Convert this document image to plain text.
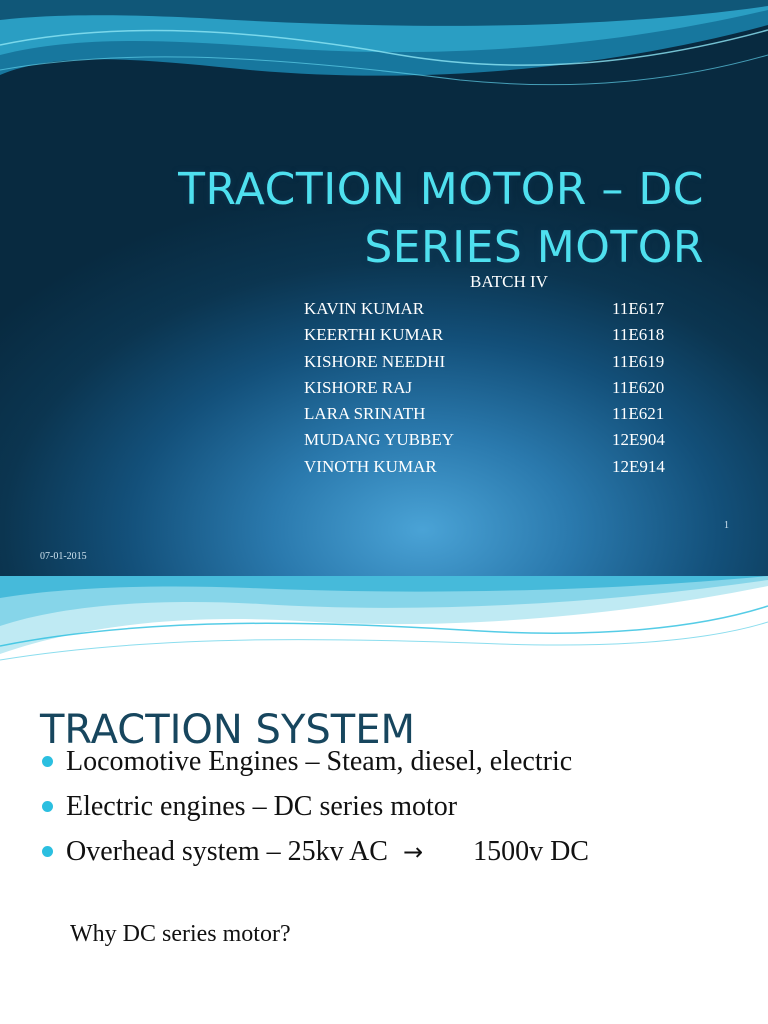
TRACTION MOTOR – DC
SERIES MOTOR
BATCH IV
KAVIN KUMAR	11E617
KEERTHI KUMAR	11E618
KISHORE NEEDHI	11E619
KISHORE RAJ	11E620
LARA SRINATH	11E621
MUDANG YUBBEY	12E904
VINOTH KUMAR	12E914
1
07-01-2015
TRACTION SYSTEM
Locomotive Engines – Steam, diesel, electric
Electric engines – DC series motor
Overhead system – 25kv AC → 1500v DC
Why DC series motor?
